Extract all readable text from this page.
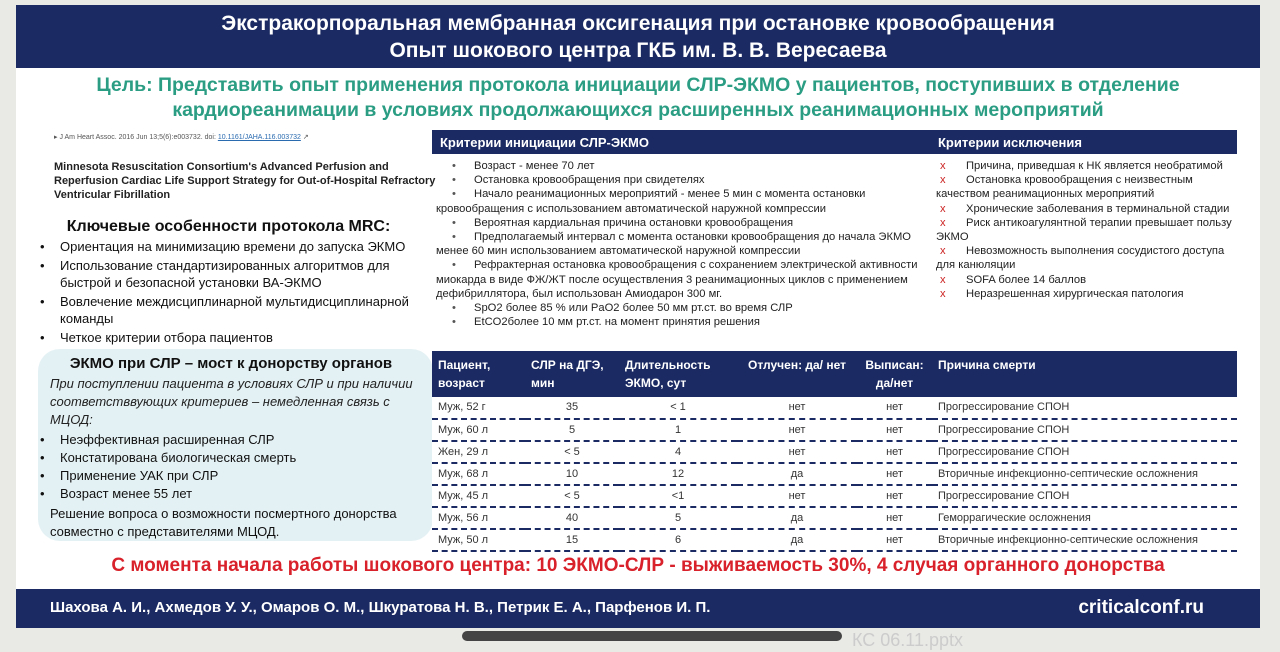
Экстракорпоральная мембранная оксигенация при остановке кровообращения
Опыт шокового центра ГКБ им. В. В. Вересаева
Цель: Представить опыт применения протокола инициации СЛР-ЭКМО у пациентов, поступивших в отделение
кардиореанимации в условиях продолжающихся расширенных реанимационных мероприятий
▸ J Am Heart Assoc. 2016 Jun 13;5(6):e003732. doi: 10.1161/JAHA.116.003732 ↗
Minnesota Resuscitation Consortium's Advanced Perfusion and Reperfusion Cardiac Life Support Strategy for Out-of-Hospital Refractory Ventricular Fibrillation
Ключевые особенности протокола MRC:
• Ориентация на минимизацию времени до запуска ЭКМО
• Использование стандартизированных алгоритмов для быстрой и безопасной установки ВА-ЭКМО
• Вовлечение междисциплинарной мультидисциплинарной команды
• Четкое критерии отбора пациентов
ЭКМО при СЛР – мост к донорству органов
При поступлении пациента в условиях СЛР и при наличии соответстввующих критериев – немедленная связь с МЦОД:
• Неэффективная расширенная СЛР
• Констатирована биологическая смерть
• Применение УАК при СЛР
• Возраст менее 55 лет
Решение вопроса о возможности посмертного донорства совместно с представителями МЦОД.
Критерии инициации СЛР-ЭКМО	Критерии исключения
• Возраст - менее 70 лет
• Остановка кровообращения при свидетелях
• Начало реанимационных мероприятий - менее 5 мин с момента остановки кровообращения с использованием автоматической наружной компрессии
• Вероятная кардиальная причина остановки кровообращения
• Предполагаемый интервал с момента остановки кровообращения до начала ЭКМО менее 60 мин использованием автоматической наружной компрессии
• Рефрактерная остановка кровообращения с сохранением электрической активности миокарда в виде ФЖ/ЖТ после осуществления 3 реанимационных циклов с применением дефибриллятора, был использован Амиодарон 300 мг.
• SpO2 более 85 % или PaO2 более 50 мм рт.ст. во время СЛР
• EtCO2более 10 мм рт.ст. на момент принятия решения
x Причина, приведшая к НК является необратимой
x Остановка кровообращения с неизвестным качеством реанимационных мероприятий
x Хронические заболевания в терминальной стадии
x Риск антикоагулянтной терапии превышает пользу ЭКМО
x Невозможность выполнения сосудистого доступа для канюляции
x SOFA более 14 баллов
x Неразрешенная хирургическая патология
Пациент, возраст	СЛР на ДГЭ, мин	Длительность ЭКМО, сут	Отлучен: да/ нет	Выписан: да/нет	Причина смерти
Муж, 52 г	35	< 1	нет	нет	Прогрессирование СПОН
Муж, 60 л	5	1	нет	нет	Прогрессирование СПОН
Жен, 29 л	< 5	4	нет	нет	Прогрессирование СПОН
Муж, 68 л	10	12	да	нет	Вторичные инфекционно-септические осложнения
Муж, 45 л	< 5	<1	нет	нет	Прогрессирование СПОН
Муж, 56 л	40	5	да	нет	Геморрагические осложнения
Муж, 50 л	15	6	да	нет	Вторичные инфекционно-септические осложнения
С момента начала работы шокового центра: 10 ЭКМО-СЛР - выживаемость 30%, 4 случая органного донорства
Шахова А. И., Ахмедов У. У., Омаров О. М., Шкуратова Н. В., Петрик Е. А., Парфенов И. П.	criticalconf.ru
КС 06.11.pptx
